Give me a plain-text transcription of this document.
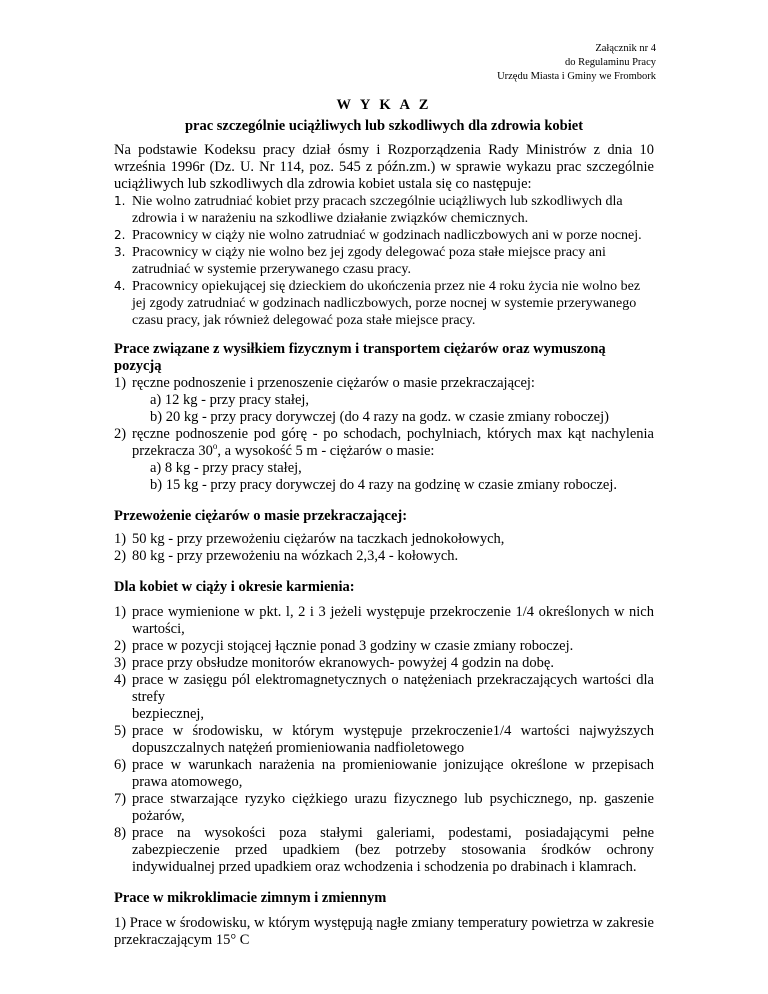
Załącznik nr 4
do Regulaminu Pracy
Urzędu Miasta i Gminy we Frombork
W Y K A Z
prac szczególnie uciążliwych lub szkodliwych dla zdrowia kobiet

Na podstawie Kodeksu pracy dział ósmy i Rozporządzenia Rady Ministrów z dnia 10 września 1996r (Dz. U. Nr 114, poz. 545 z późn.zm.) w sprawie wykazu prac szczególnie uciążliwych lub szkodliwych dla zdrowia kobiet ustala się co następuje:

1. Nie wolno zatrudniać kobiet przy pracach szczególnie uciążliwych lub szkodliwych dla zdrowia i w narażeniu na szkodliwe działanie związków chemicznych.
2. Pracownicy w ciąży nie wolno zatrudniać w godzinach nadliczbowych ani w porze nocnej.
3. Pracownicy w ciąży nie wolno bez jej zgody delegować poza stałe miejsce pracy ani zatrudniać w systemie przerywanego czasu pracy.
4. Pracownicy opiekującej się dzieckiem do ukończenia przez nie 4 roku życia nie wolno bez jej zgody zatrudniać w godzinach nadliczbowych, porze nocnej w systemie przerywanego czasu pracy, jak również delegować poza stałe miejsce pracy.
Prace związane z wysiłkiem fizycznym i transportem ciężarów oraz wymuszoną pozycją
1) ręczne podnoszenie i przenoszenie ciężarów o masie przekraczającej:
a) 12 kg - przy pracy stałej,
b) 20 kg - przy pracy dorywczej (do 4 razy na godz. w czasie zmiany roboczej)
2) ręczne podnoszenie pod górę - po schodach, pochylniach, których max kąt nachylenia przekracza 30$^o$, a wysokość 5 m - ciężarów o masie:
a) 8 kg - przy pracy stałej,
b) 15 kg - przy pracy dorywczej do 4 razy na godzinę w czasie zmiany roboczej.
Przewożenie ciężarów o masie przekraczającej:
1) 50 kg - przy przewożeniu ciężarów na taczkach jednokołowych,
2) 80 kg - przy przewożeniu na wózkach 2,3,4 - kołowych.
Dla kobiet w ciąży i okresie karmienia:
1) prace wymienione w pkt. l, 2 i 3 jeżeli występuje przekroczenie 1/4 określonych w nich wartości,
2) prace w pozycji stojącej łącznie ponad 3 godziny w czasie zmiany roboczej.
3) prace przy obsłudze monitorów ekranowych- powyżej 4 godzin na dobę.
4) prace w zasięgu pól elektromagnetycznych o natężeniach przekraczających wartości dla strefy
bezpiecznej,
5) prace w środowisku, w którym występuje przekroczenie1/4 wartości najwyższych dopuszczalnych natężeń promieniowania nadfioletowego
6) prace w warunkach narażenia na promieniowanie jonizujące określone w przepisach prawa atomowego,
7) prace stwarzające ryzyko ciężkiego urazu fizycznego lub psychicznego, np. gaszenie pożarów,
8) prace na wysokości poza stałymi galeriami, podestami, posiadającymi pełne zabezpieczenie przed upadkiem (bez potrzeby stosowania środków ochrony indywidualnej przed upadkiem oraz wchodzenia i schodzenia po drabinach i klamrach.
Prace w mikroklimacie zimnym i zmiennym

1) Prace w środowisku, w którym występują nagłe zmiany temperatury powietrza w zakresie przekraczającym 15° C
